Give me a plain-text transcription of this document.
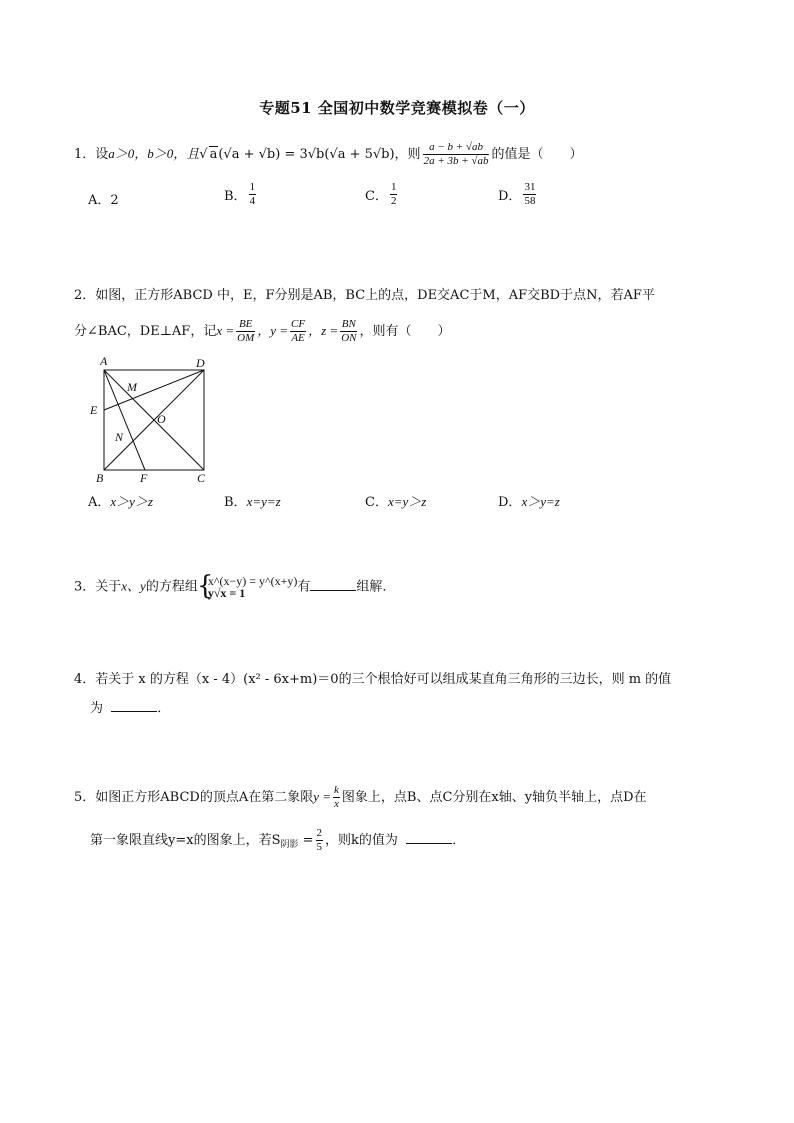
专题51 全国初中数学竞赛模拟卷（一）
1．设a＞0，b＞0，且√ a(√a + √b) = 3√b(√a + 5√b)，则 $\frac{a - b + √ab}{2a + 3b + √ab}$ 的值是（　　）
A．2	B． $\frac{1}{4}$	C． $\frac{1}{2}$	D． $\frac{31}{58}$
2．如图，正方形ABCD 中，E，F分别是AB，BC上的点，DE交AC于M，AF交BD于点N，若AF平
分∠BAC，DE⊥AF，记$x = \frac{BE}{OM}$ ，$y = \frac{CF}{AE}$ ，$z = \frac{BN}{ON}$ ，则有（　　）
A	D
M
E
O
N
B	F	C
A．x＞y＞z	B．x=y=z	C．x=y＞z	D．x＞y=z
3．关于x、y的方程组 {
x^(x−y) = y^(x+y)
y√x = 1	有	组解．
4．若关于 x 的方程（x - 4）(x² - 6x+m)＝0的三个根恰好可以组成某直角三角形的三边长，则 m 的值
为	．
5．如图正方形ABCD的顶点A在第二象限$y = \frac{k}{x}$ 图象上，点B、点C分别在x轴、y轴负半轴上，点D在
第一象限直线y=x的图象上，若$S_{阴影} = \frac{2}{5}$ ，则k的值为	．
